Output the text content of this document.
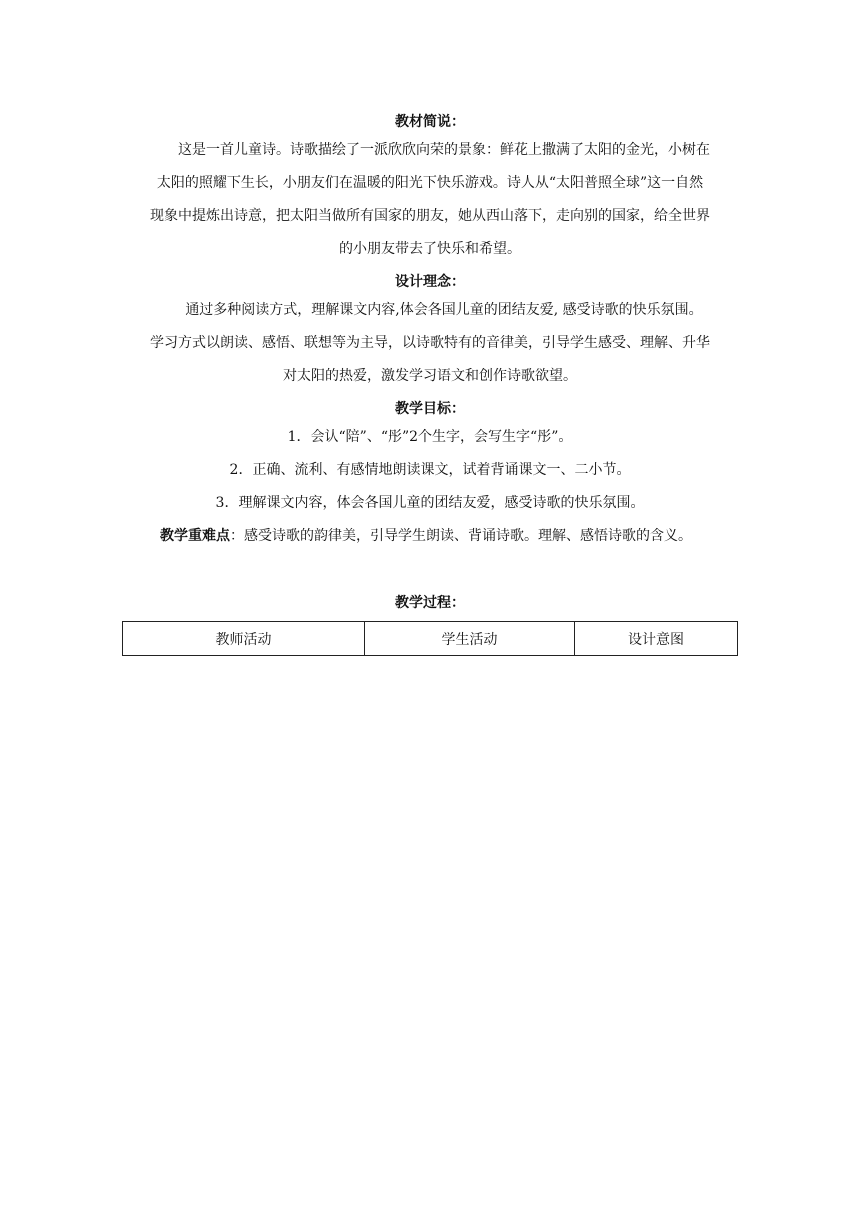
教材简说：

这是一首儿童诗。诗歌描绘了一派欣欣向荣的景象：鲜花上撒满了太阳的金光，小树在

太阳的照耀下生长，小朋友们在温暖的阳光下快乐游戏。诗人从“太阳普照全球”这一自然

现象中提炼出诗意，把太阳当做所有国家的朋友，她从西山落下，走向别的国家，给全世界

的小朋友带去了快乐和希望。

设计理念：

通过多种阅读方式，理解课文内容,体会各国儿童的团结友爱, 感受诗歌的快乐氛围。

学习方式以朗读、感悟、联想等为主导，以诗歌特有的音律美，引导学生感受、理解、升华

对太阳的热爱，激发学习语文和创作诗歌欲望。

教学目标：

1．会认“陪”、“彤”2个生字，会写生字“彤”。

2．正确、流利、有感情地朗读课文，试着背诵课文一、二小节。

3．理解课文内容，体会各国儿童的团结友爱，感受诗歌的快乐氛围。

教学重难点：感受诗歌的韵律美，引导学生朗读、背诵诗歌。理解、感悟诗歌的含义。

教学过程：

教师活动	学生活动	设计意图
